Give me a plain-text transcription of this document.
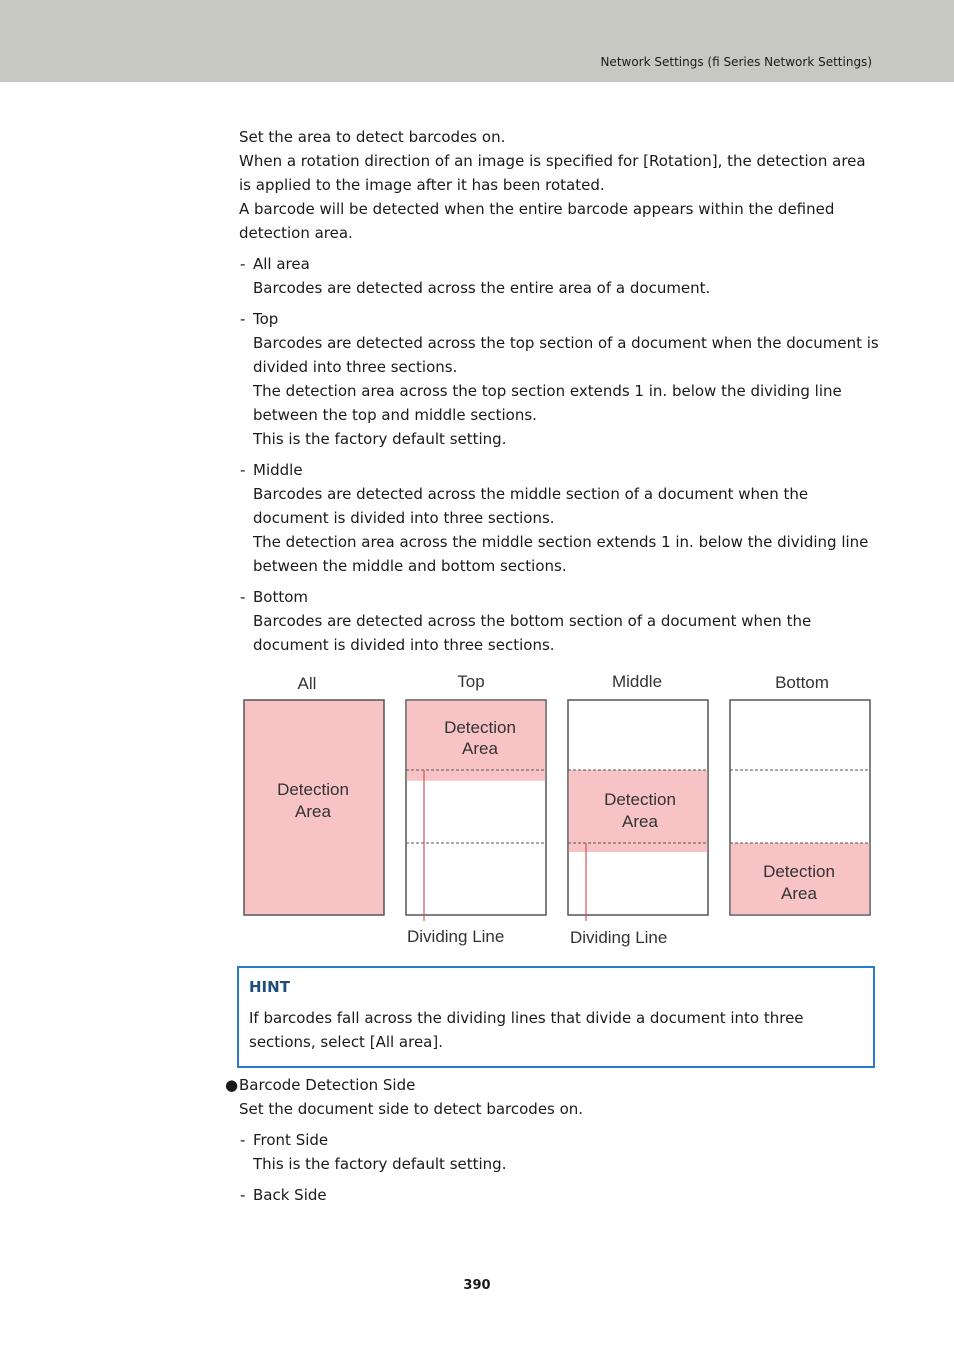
Network Settings (fi Series Network Settings)

Set the area to detect barcodes on.

When a rotation direction of an image is specified for [Rotation], the detection area

is applied to the image after it has been rotated.

A barcode will be detected when the entire barcode appears within the defined

detection area.

- All area

Barcodes are detected across the entire area of a document.

- Top

Barcodes are detected across the top section of a document when the document is

divided into three sections.

The detection area across the top section extends 1 in. below the dividing line

between the top and middle sections.

This is the factory default setting.

- Middle

Barcodes are detected across the middle section of a document when the

document is divided into three sections.

The detection area across the middle section extends 1 in. below the dividing line

between the middle and bottom sections.

- Bottom

Barcodes are detected across the bottom section of a document when the

document is divided into three sections.

All	Top	Middle	Bottom
Detection
Area
Detection
Area
Dividing Line
Detection
Area
Dividing Line
Detection
Area
HINT

If barcodes fall across the dividing lines that divide a document into three

sections, select [All area].

● Barcode Detection Side
Set the document side to detect barcodes on.
- Front Side

This is the factory default setting.

- Back Side

390
